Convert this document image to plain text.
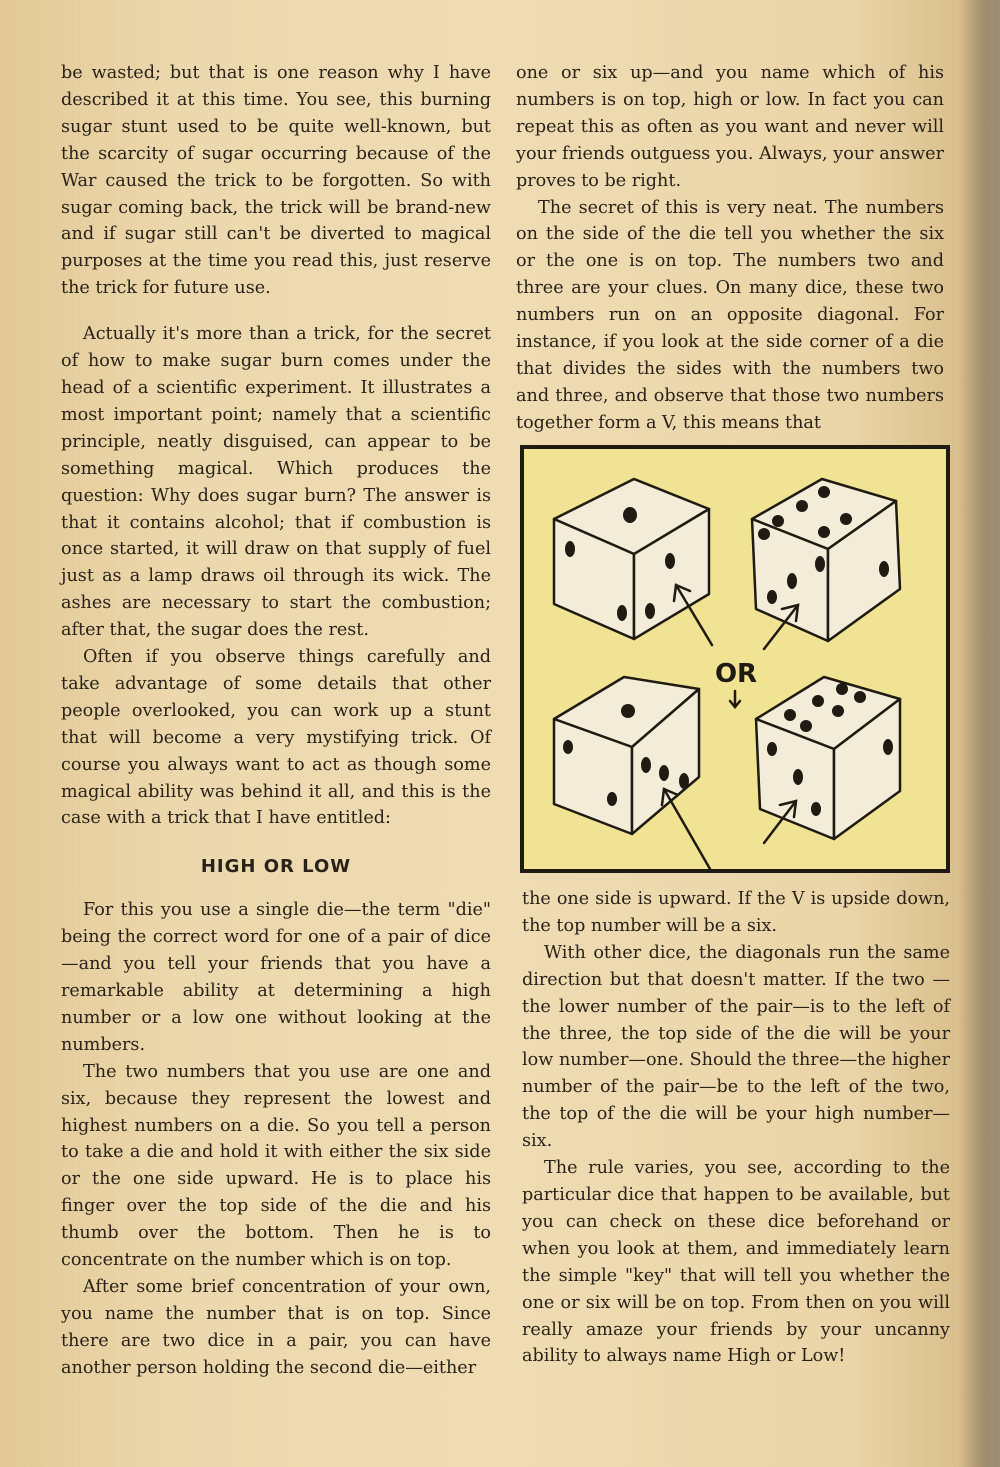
be wasted; but that is one reason why I have described it at this time. You see, this burning sugar stunt used to be quite well-known, but the scarcity of sugar occurring because of the War caused the trick to be forgotten. So with sugar coming back, the trick will be brand-new and if sugar still can't be diverted to magical purposes at the time you read this, just reserve the trick for future use.

Actually it's more than a trick, for the secret of how to make sugar burn comes under the head of a scientific experiment. It illustrates a most important point; namely that a scientific principle, neatly disguised, can appear to be something magical. Which produces the question: Why does sugar burn? The answer is that it contains alcohol; that if combustion is once started, it will draw on that supply of fuel just as a lamp draws oil through its wick. The ashes are necessary to start the combustion; after that, the sugar does the rest.

Often if you observe things carefully and take advantage of some details that other people overlooked, you can work up a stunt that will become a very mystifying trick. Of course you always want to act as though some magical ability was behind it all, and this is the case with a trick that I have entitled:

HIGH OR LOW

For this you use a single die—the term "die" being the correct word for one of a pair of dice—and you tell your friends that you have a remarkable ability at determining a high number or a low one without looking at the numbers.

The two numbers that you use are one and six, because they represent the lowest and highest numbers on a die. So you tell a person to take a die and hold it with either the six side or the one side upward. He is to place his finger over the top side of the die and his thumb over the bottom. Then he is to concentrate on the number which is on top.

After some brief concentration of your own, you name the number that is on top. Since there are two dice in a pair, you can have another person holding the second die—either

one or six up—and you name which of his numbers is on top, high or low. In fact you can repeat this as often as you want and never will your friends outguess you. Always, your answer proves to be right.

The secret of this is very neat. The numbers on the side of the die tell you whether the six or the one is on top. The numbers two and three are your clues. On many dice, these two numbers run on an opposite diagonal. For instance, if you look at the side corner of a die that divides the sides with the numbers two and three, and observe that those two numbers together form a V, this means that

OR

the one side is upward. If the V is upside down, the top number will be a six.

With other dice, the diagonals run the same direction but that doesn't matter. If the two —the lower number of the pair—is to the left of the three, the top side of the die will be your low number—one. Should the three—the higher number of the pair—be to the left of the two, the top of the die will be your high number—six.

The rule varies, you see, according to the particular dice that happen to be available, but you can check on these dice beforehand or when you look at them, and immediately learn the simple "key" that will tell you whether the one or six will be on top. From then on you will really amaze your friends by your uncanny ability to always name High or Low!
